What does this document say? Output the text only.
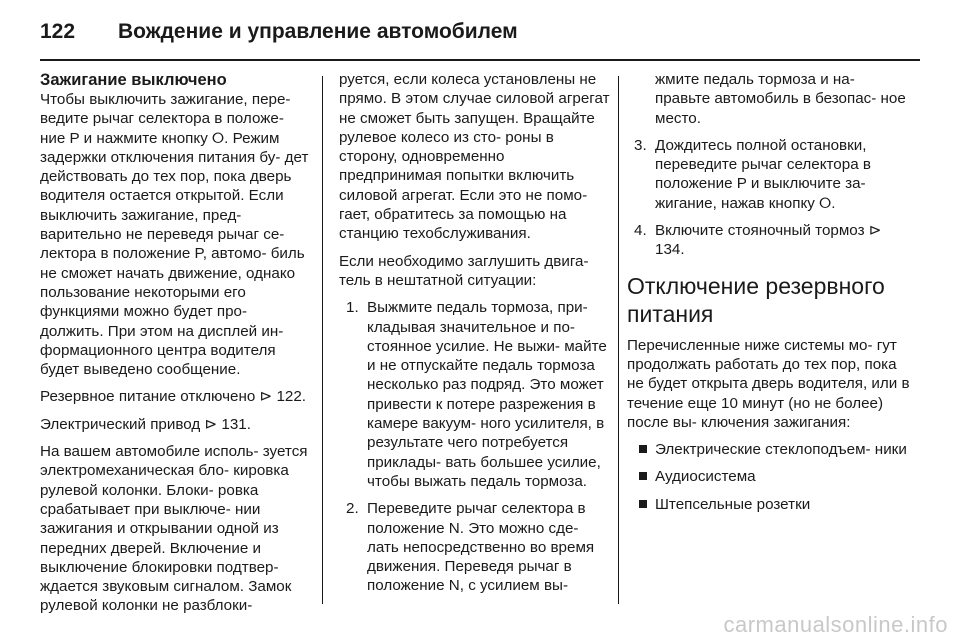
122	Вождение и управление автомобилем
Зажигание выключено

Чтобы выключить зажигание, пере- ведите рычаг селектора в положе- ние P и нажмите кнопку ⭘. Режим задержки отключения питания бу- дет действовать до тех пор, пока дверь водителя остается открытой. Если выключить зажигание, пред- варительно не переведя рычаг се- лектора в положение P, автомо- биль не сможет начать движение, однако пользование некоторыми его функциями можно будет про- должить. При этом на дисплей ин- формационного центра водителя будет выведено сообщение.

Резервное питание отключено ⊳ 122.

Электрический привод ⊳ 131.

На вашем автомобиле исполь- зуется электромеханическая бло- кировка рулевой колонки. Блоки- ровка срабатывает при выключе- нии зажигания и открывании одной из передних дверей. Включение и выключение блокировки подтвер- ждается звуковым сигналом. Замок рулевой колонки не разблоки-

руется, если колеса установлены не прямо. В этом случае силовой агрегат не сможет быть запущен. Вращайте рулевое колесо из сто- роны в сторону, одновременно предпринимая попытки включить силовой агрегат. Если это не помо- гает, обратитесь за помощью на станцию техобслуживания.

Если необходимо заглушить двига- тель в нештатной ситуации:

1. Выжмите педаль тормоза, при- кладывая значительное и по- стоянное усилие. Не выжи- майте и не отпускайте педаль тормоза несколько раз подряд. Это может привести к потере разрежения в камере вакуум- ного усилителя, в результате чего потребуется приклады- вать большее усилие, чтобы выжать педаль тормоза.
2. Переведите рычаг селектора в положение N. Это можно сде- лать непосредственно во время движения. Переведя рычаг в положение N, с усилием вы-

жмите педаль тормоза и на- правьте автомобиль в безопас- ное место.

3. Дождитесь полной остановки, переведите рычаг селектора в положение P и выключите за- жигание, нажав кнопку ⭘.
4. Включите стояночный тормоз ⊳ 134.
Отключение резервного питания

Перечисленные ниже системы мо- гут продолжать работать до тех пор, пока не будет открыта дверь водителя, или в течение еще 10 минут (но не более) после вы- ключения зажигания:

Электрические стеклоподъем- ники
Аудиосистема
Штепсельные розетки
carmanualsonline.info
